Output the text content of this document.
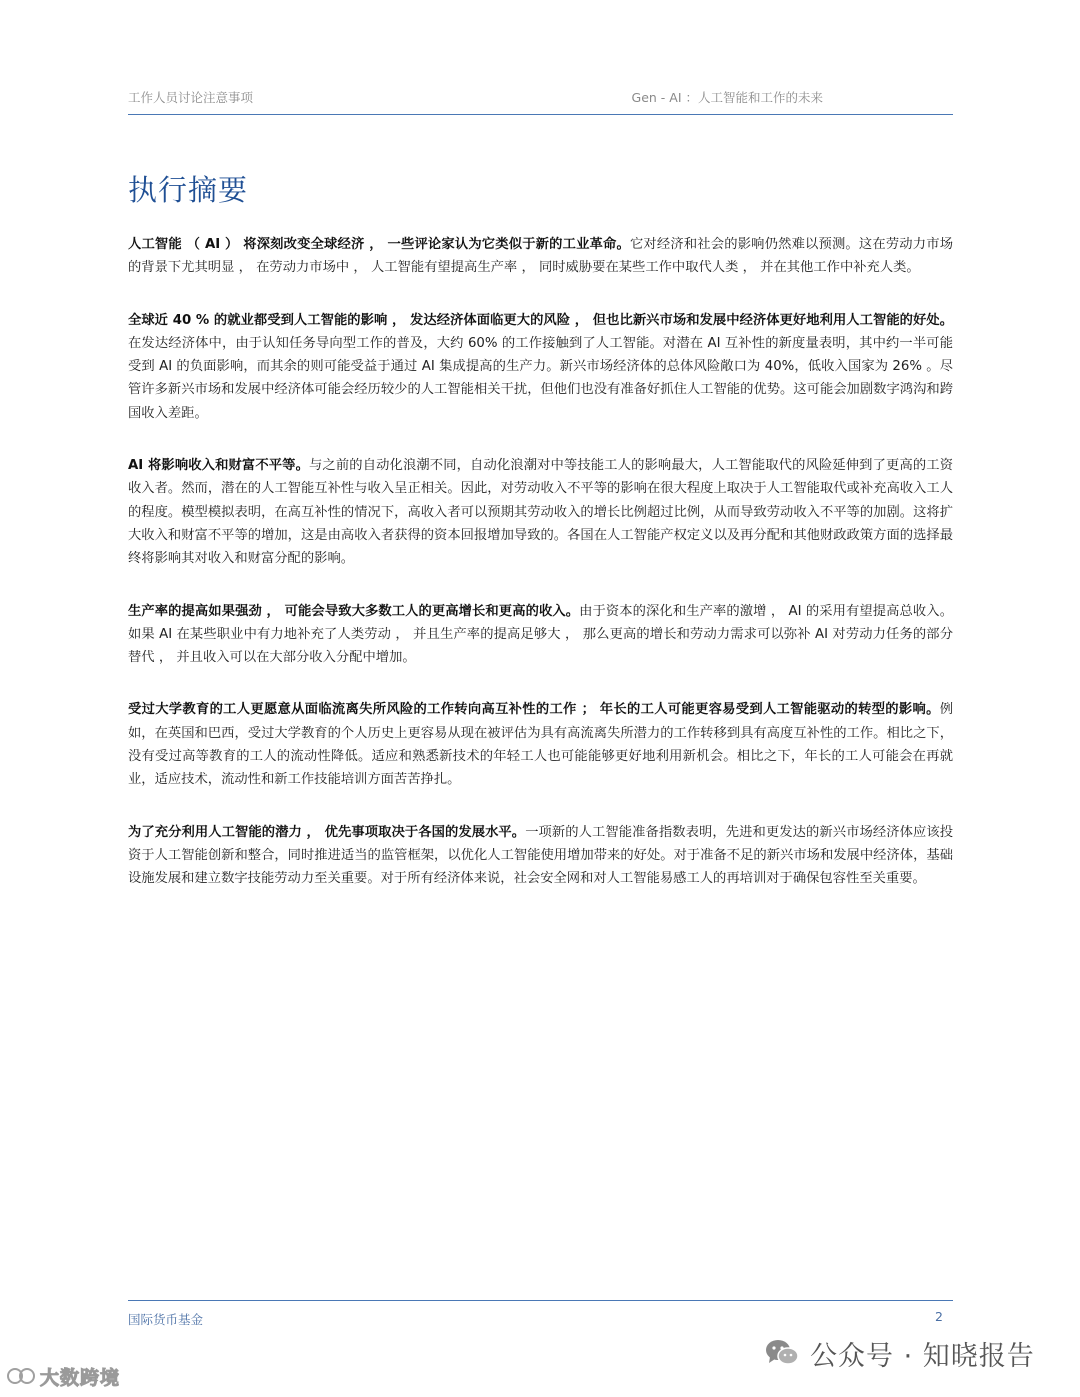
工作人员讨论注意事项	Gen - AI ：人工智能和工作的未来
执行摘要

人工智能 （ AI ） 将深刻改变全球经济 ， 一些评论家认为它类似于新的工业革命。它对经济和社会的影响仍然难以预测。这在劳动力市场的背景下尤其明显 ， 在劳动力市场中 ， 人工智能有望提高生产率 ， 同时威胁要在某些工作中取代人类 ， 并在其他工作中补充人类。

全球近 40 % 的就业都受到人工智能的影响 ， 发达经济体面临更大的风险 ， 但也比新兴市场和发展中经济体更好地利用人工智能的好处。在发达经济体中，由于认知任务导向型工作的普及，大约 60% 的工作接触到了人工智能。对潜在 AI 互补性的新度量表明，其中约一半可能受到 AI 的负面影响，而其余的则可能受益于通过 AI 集成提高的生产力。新兴市场经济体的总体风险敞口为 40%，低收入国家为 26% 。尽管许多新兴市场和发展中经济体可能会经历较少的人工智能相关干扰，但他们也没有准备好抓住人工智能的优势。这可能会加剧数字鸿沟和跨国收入差距。

AI 将影响收入和财富不平等。与之前的自动化浪潮不同，自动化浪潮对中等技能工人的影响最大，人工智能取代的风险延伸到了更高的工资收入者。然而，潜在的人工智能互补性与收入呈正相关。因此，对劳动收入不平等的影响在很大程度上取决于人工智能取代或补充高收入工人的程度。模型模拟表明，在高互补性的情况下，高收入者可以预期其劳动收入的增长比例超过比例，从而导致劳动收入不平等的加剧。这将扩大收入和财富不平等的增加，这是由高收入者获得的资本回报增加导致的。各国在人工智能产权定义以及再分配和其他财政政策方面的选择最终将影响其对收入和财富分配的影响。

生产率的提高如果强劲 ， 可能会导致大多数工人的更高增长和更高的收入。由于资本的深化和生产率的激增 ， AI 的采用有望提高总收入。如果 AI 在某些职业中有力地补充了人类劳动 ， 并且生产率的提高足够大 ， 那么更高的增长和劳动力需求可以弥补 AI 对劳动力任务的部分替代 ， 并且收入可以在大部分收入分配中增加。

受过大学教育的工人更愿意从面临流离失所风险的工作转向高互补性的工作 ； 年长的工人可能更容易受到人工智能驱动的转型的影响。例如，在英国和巴西，受过大学教育的个人历史上更容易从现在被评估为具有高流离失所潜力的工作转移到具有高度互补性的工作。相比之下，没有受过高等教育的工人的流动性降低。适应和熟悉新技术的年轻工人也可能能够更好地利用新机会。相比之下，年长的工人可能会在再就业，适应技术，流动性和新工作技能培训方面苦苦挣扎。

为了充分利用人工智能的潜力 ， 优先事项取决于各国的发展水平。一项新的人工智能准备指数表明，先进和更发达的新兴市场经济体应该投资于人工智能创新和整合，同时推进适当的监管框架，以优化人工智能使用增加带来的好处。对于准备不足的新兴市场和发展中经济体，基础设施发展和建立数字技能劳动力至关重要。对于所有经济体来说，社会安全网和对人工智能易感工人的再培训对于确保包容性至关重要。

国际货币基金	2
公众号 · 知晓报告
大数跨境
